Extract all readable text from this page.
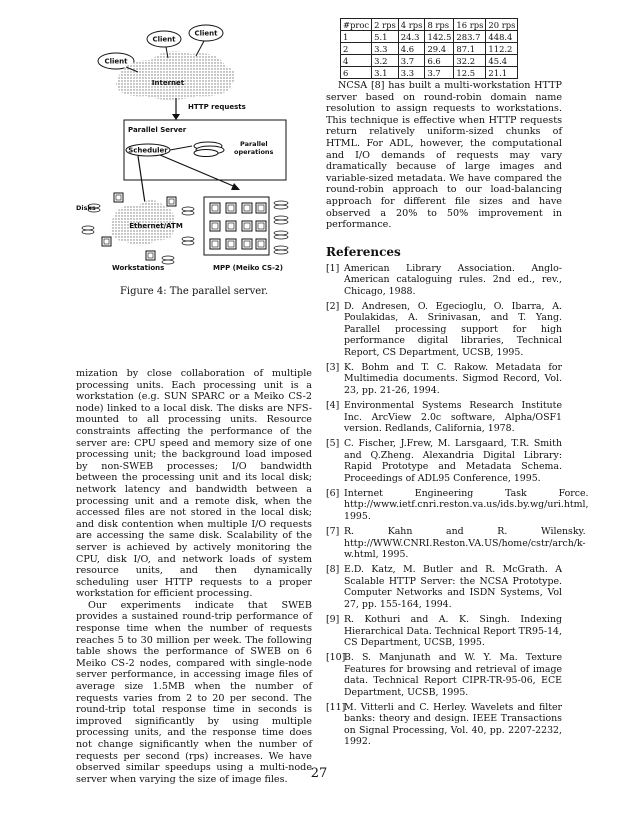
Client
Client
Client
Internet
HTTP requests
Parallel Server
Scheduler
Parallel
operations
Ethernet/ATM
Disks
Workstations	MPP (Meiko CS-2)
Figure 4: The parallel server.

mization by close collaboration of multiple processing units. Each processing unit is a workstation (e.g. SUN SPARC or a Meiko CS-2 node) linked to a local disk. The disks are NFS-mounted to all processing units. Resource constraints affecting the performance of the server are: CPU speed and memory size of one processing unit; the background load imposed by non-SWEB processes; I/O bandwidth between the processing unit and its local disk; network latency and bandwidth between a processing unit and a remote disk, when the accessed files are not stored in the local disk; and disk contention when multiple I/O requests are accessing the same disk. Scalability of the server is achieved by actively monitoring the CPU, disk I/O, and network loads of system resource units, and then dynamically scheduling user HTTP requests to a proper workstation for efficient processing.

Our experiments indicate that SWEB provides a sustained round-trip performance of response time when the number of requests reaches 5 to 30 million per week. The following table shows the performance of SWEB on 6 Meiko CS-2 nodes, compared with single-node server performance, in accessing image files of average size 1.5MB when the number of requests varies from 2 to 20 per second. The round-trip total response time in seconds is improved significantly by using multiple processing units, and the response time does not change significantly when the number of requests per second (rps) increases. We have observed similar speedups using a multi-node server when varying the size of image files.

#proc	2 rps	4 rps	8 rps	16 rps	20 rps
1	5.1	24.3	142.5	283.7	448.4
2	3.3	4.6	29.4	87.1	112.2
4	3.2	3.7	6.6	32.2	45.4
6	3.1	3.3	3.7	12.5	21.1

NCSA [8] has built a multi-workstation HTTP server based on round-robin domain name resolution to assign requests to workstations. This technique is effective when HTTP requests return relatively uniform-sized chunks of HTML. For ADL, however, the computational and I/O demands of requests may vary dramatically because of large images and variable-sized metadata. We have compared the round-robin approach to our load-balancing approach for different file sizes and have observed a 20% to 50% improvement in performance.

References
[1] American Library Association. Anglo-American cataloguing rules. 2nd ed., rev., Chicago, 1988.
[2] D. Andresen, O. Egecioglu, O. Ibarra, A. Poulakidas, A. Srinivasan, and T. Yang. Parallel processing support for high performance digital libraries, Technical Report, CS Department, UCSB, 1995.
[3] K. Bohm and T. C. Rakow. Metadata for Multimedia documents. Sigmod Record, Vol. 23, pp. 21-26, 1994.
[4] Environmental Systems Research Institute Inc. ArcView 2.0c software, Alpha/OSF1 version. Redlands, California, 1978.
[5] C. Fischer, J.Frew, M. Larsgaard, T.R. Smith and Q.Zheng. Alexandria Digital Library: Rapid Prototype and Metadata Schema. Proceedings of ADL95 Conference, 1995.
[6] Internet Engineering Task Force. http://www.ietf.cnri.reston.va.us/ids.by.wg/uri.html, 1995.
[7] R. Kahn and R. Wilensky. http://WWW.CNRI.Reston.VA.US/home/cstr/arch/k-w.html, 1995.
[8] E.D. Katz, M. Butler and R. McGrath. A Scalable HTTP Server: the NCSA Prototype. Computer Networks and ISDN Systems, Vol 27, pp. 155-164, 1994.
[9] R. Kothuri and A. K. Singh. Indexing Hierarchical Data. Technical Report TR95-14, CS Department, UCSB, 1995.
[10]
B. S. Manjunath and W. Y. Ma. Texture Features for browsing and retrieval of image data. Technical Report CIPR-TR-95-06, ECE Department, UCSB, 1995.
[11]
M. Vitterli and C. Herley. Wavelets and filter banks: theory and design. IEEE Transactions on Signal Processing, Vol. 40, pp. 2207-2232, 1992.
27
